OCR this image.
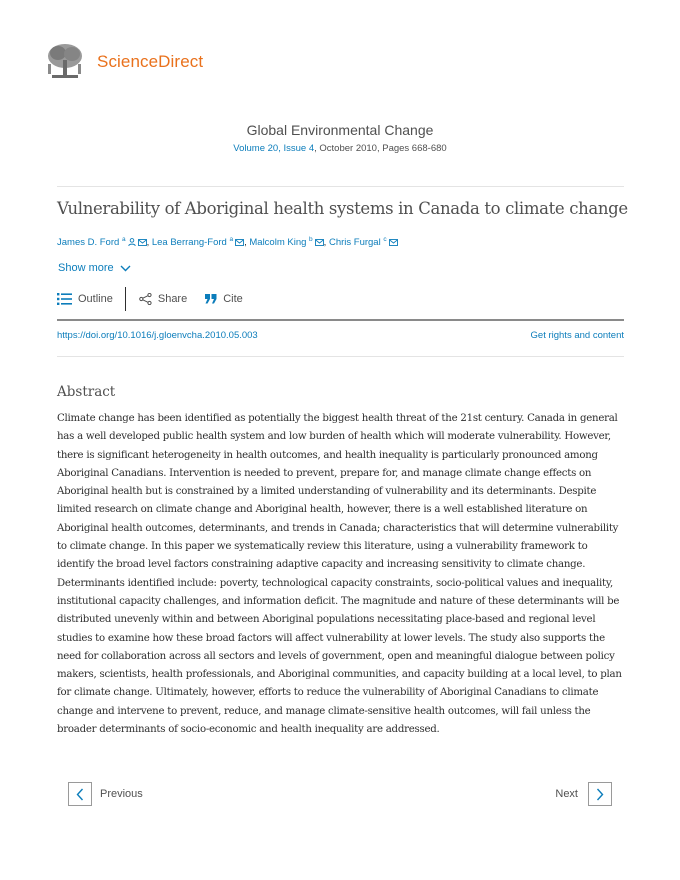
ScienceDirect
Global Environmental Change
Volume 20, Issue 4, October 2010, Pages 668-680
Vulnerability of Aboriginal health systems in Canada to climate change
James D. Ford $^a$ , Lea Berrang-Ford $^a$ , Malcolm King $^b$ , Chris Furgal $^c$
Show more
Outline	Share	Cite
https://doi.org/10.1016/j.gloenvcha.2010.05.003	Get rights and content
Abstract

Climate change has been identified as potentially the biggest health threat of the 21st century. Canada in general has a well developed public health system and low burden of health which will moderate vulnerability. However, there is significant heterogeneity in health outcomes, and health inequality is particularly pronounced among Aboriginal Canadians. Intervention is needed to prevent, prepare for, and manage climate change effects on Aboriginal health but is constrained by a limited understanding of vulnerability and its determinants. Despite limited research on climate change and Aboriginal health, however, there is a well established literature on Aboriginal health outcomes, determinants, and trends in Canada; characteristics that will determine vulnerability to climate change. In this paper we systematically review this literature, using a vulnerability framework to identify the broad level factors constraining adaptive capacity and increasing sensitivity to climate change. Determinants identified include: poverty, technological capacity constraints, socio-political values and inequality, institutional capacity challenges, and information deficit. The magnitude and nature of these determinants will be distributed unevenly within and between Aboriginal populations necessitating place-based and regional level studies to examine how these broad factors will affect vulnerability at lower levels. The study also supports the need for collaboration across all sectors and levels of government, open and meaningful dialogue between policy makers, scientists, health professionals, and Aboriginal communities, and capacity building at a local level, to plan for climate change. Ultimately, however, efforts to reduce the vulnerability of Aboriginal Canadians to climate change and intervene to prevent, reduce, and manage climate-sensitive health outcomes, will fail unless the broader determinants of socio-economic and health inequality are addressed.

Previous	Next
